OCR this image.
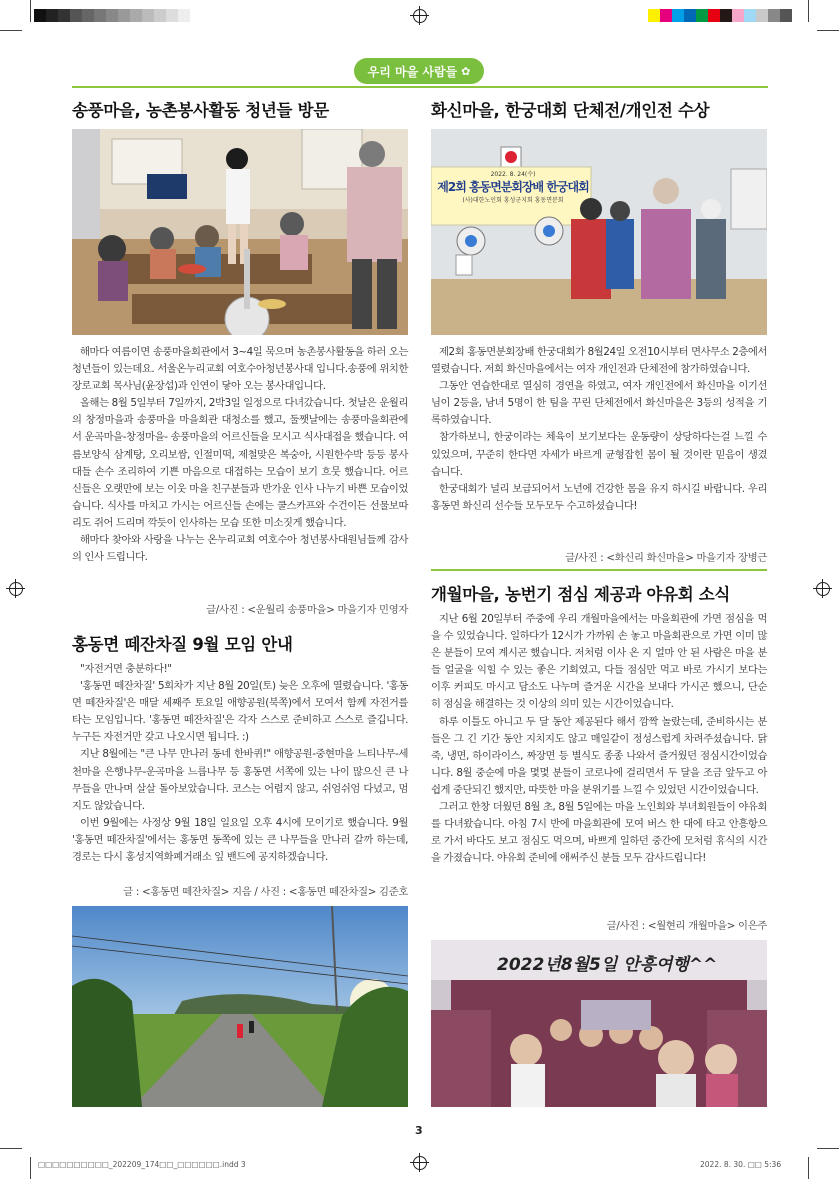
우리 마을 사람들 ✿
송풍마을, 농촌봉사활동 청년들 방문

해마다 여름이면 송풍마을회관에서 3~4일 묵으며 농촌봉사활동을 하러 오는 청년들이 있는데요. 서울온누리교회 여호수아청년봉사대 입니다.송풍에 위치한 장로교회 목사님(윤장섭)과 인연이 닿아 오는 봉사대입니다.

올해는 8월 5일부터 7일까지, 2박3일 일정으로 다녀갔습니다. 첫날은 운월리의 창정마을과 송풍마을 마을회관 대청소를 했고, 둘쨋날에는 송풍마을회관에서 운곡마을-창정마을- 송풍마을의 어르신들을 모시고 식사대접을 했습니다. 여름보양식 삼계탕, 오리보쌈, 인절미떡, 제철맞은 복숭아, 시원한수박 등등 봉사대들 손수 조리하여 기쁜 마음으로 대접하는 모습이 보기 흐뭇 했습니다. 어르신들은 오랫만에 보는 이웃 마을 친구분들과 반가운 인사 나누기 바쁜 모습이었습니다. 식사를 마치고 가시는 어르신들 손에는 쿨스카프와 수건이든 선물보따리도 쥐어 드리며 깍듯이 인사하는 모습 또한 미소짓게 했습니다.

해마다 찾아와 사랑을 나누는 온누리교회 여호수아 청년봉사대원님들께 감사의 인사 드립니다.

글/사진 : <운월리 송풍마을> 마을기자 민영자
홍동면 떼잔차질 9월 모임 안내

"자전거면 충분하다!"

'홍동면 떼잔차질' 5회차가 지난 8월 20일(토) 늦은 오후에 열렸습니다. '홍동면 떼잔차질'은 매달 세째주 토요일 애향공원(북쪽)에서 모여서 함께 자전거를 타는 모임입니다. '홍동면 떼잔차질'은 각자 스스로 준비하고 스스로 즐깁니다. 누구든 자전거만 갖고 나오시면 됩니다. :)

지난 8월에는 "큰 나무 만나러 동네 한바퀴!" 애향공원-중현마을 느티나무-세천마을 은행나무-운곡마을 느릅나무 등 홍동면 서쪽에 있는 나이 많으신 큰 나무들을 만나며 살살 돌아보았습니다. 코스는 어렵지 않고, 쉬엄쉬엄 다녔고, 멈지도 않았습니다.

이번 9월에는 사정상 9월 18일 일요일 오후 4시에 모이기로 했습니다. 9월 '홍동면 떼잔차질'에서는 홍동면 동쪽에 있는 큰 나무들을 만나러 갈까 하는데, 경로는 다시 홍성지역화폐거래소 잎 밴드에 공지하겠습니다.

글 : <홍동면 떼잔차질> 지음 / 사진 : <홍동면 떼잔차질> 김준호
화신마을, 한궁대회 단체전/개인전 수상
2022. 8. 24(수)
제2회 홍동면분회장배 한궁대회
(사)대한노인회 홍성군지회 홍동면분회

제2회 홍동면분회장배 한궁대회가 8월24일 오전10시부터 면사무소 2층에서 열렸습니다. 저희 화신마을에서는 여자 개인전과 단체전에 참가하였습니다.

그동안 연습한대로 열심히 경연을 하였고, 여자 개인전에서 화신마을 이기선 님이 2등을, 남녀 5명이 한 팀을 꾸린 단체전에서 화신마을은 3등의 성적을 기록하였습니다.

참가하보니, 한궁이라는 체육이 보기보다는 운동량이 상당하다는걸 느낄 수 있었으며, 꾸준히 한다면 자세가 바르게 균형잡힌 몸이 될 것이란 믿음이 생겼습니다.

한궁대회가 널리 보급되어서 노년에 건강한 몸을 유지 하시길 바랍니다. 우리 홍동면 화신리 선수들 모두모두 수고하셨습니다!

글/사진 : <화신리 화신마을> 마을기자 장병근
개월마을, 농번기 점심 제공과 야유회 소식

지난 6월 20일부터 주중에 우리 개월마을에서는 마을회관에 가면 점심을 먹을 수 있었습니다. 일하다가 12시가 가까워 손 놓고 마을회관으로 가면 이미 많은 분들이 모여 계시곤 했습니다. 저처럼 이사 온 지 얼마 안 된 사람은 마을 분들 얼굴을 익힐 수 있는 좋은 기회였고, 다들 점심만 먹고 바로 가시기 보다는 이후 커피도 마시고 담소도 나누며 즐거운 시간을 보내다 가시곤 했으니, 단순히 점심을 해결하는 것 이상의 의미 있는 시간이었습니다.

하루 이틀도 아니고 두 달 동안 제공된다 해서 깜짝 놀랐는데, 준비하시는 분들은 그 긴 기간 동안 지치지도 않고 매일같이 정성스럽게 차려주셨습니다. 닭죽, 냉면, 하이라이스, 짜장면 등 별식도 종종 나와서 즐거웠던 점심시간이었습니다. 8월 중순에 마을 몇몇 분들이 코로나에 걸리면서 두 달을 조금 앞두고 아쉽게 중단되긴 했지만, 따뜻한 마을 분위기를 느낄 수 있었던 시간이었습니다.

그러고 한창 더웠던 8월 초, 8월 5일에는 마을 노인회와 부녀회원들이 야유회를 다녀왔습니다. 아침 7시 반에 마을회관에 모여 버스 한 대에 타고 안흥항으로 가서 바다도 보고 점심도 먹으며, 바쁘게 일하던 중간에 모처럼 휴식의 시간을 가졌습니다. 야유회 준비에 애써주신 분들 모두 감사드립니다!

글/사진 : <월현리 개월마을> 이은주
2022년8월5일 안흥여행^^
3
□□□□□□□□□□_202209_174□□_□□□□□□.indd 3	2022. 8. 30. □□ 5:36
